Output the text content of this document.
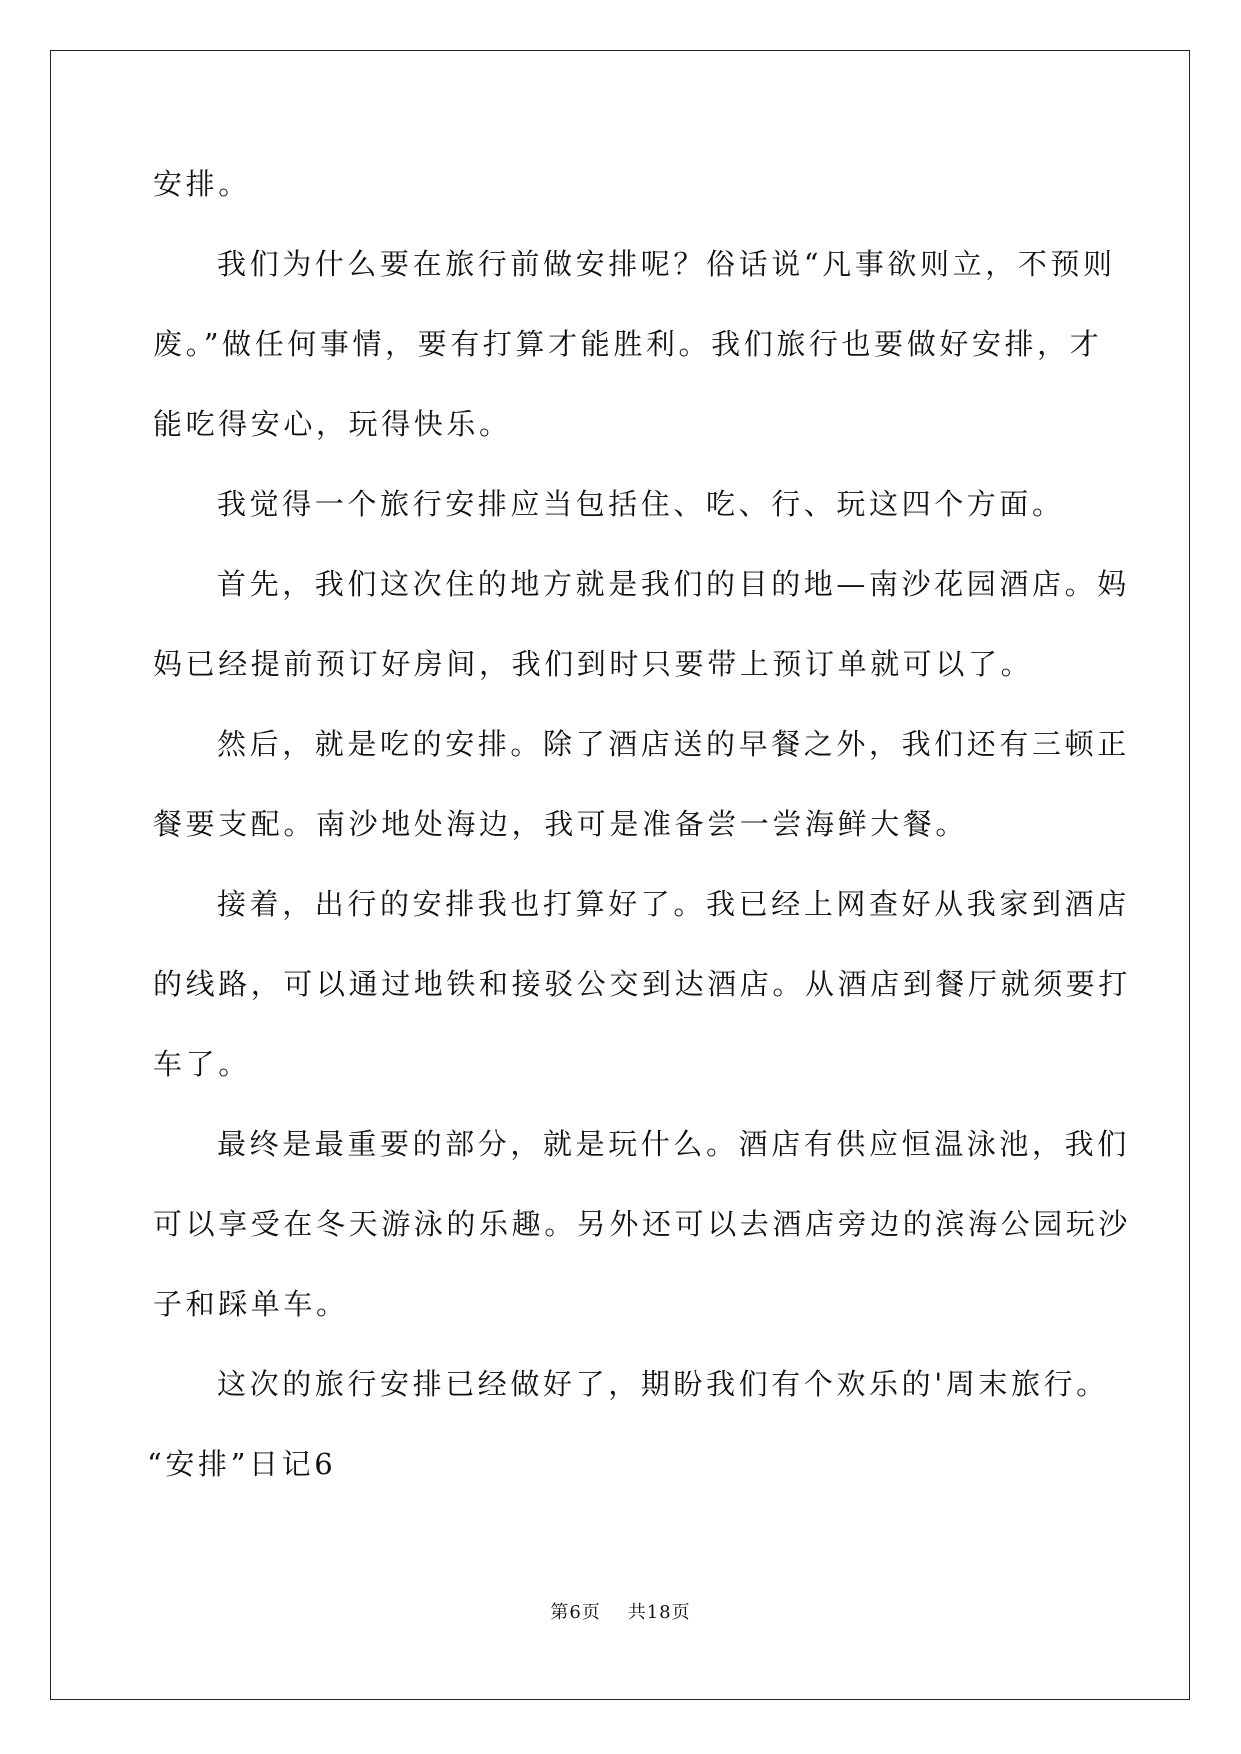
安排。
我们为什么要在旅行前做安排呢？俗话说“凡事欲则立，不预则
废。”做任何事情，要有打算才能胜利。我们旅行也要做好安排，才
能吃得安心，玩得快乐。
我觉得一个旅行安排应当包括住、吃、行、玩这四个方面。
首先，我们这次住的地方就是我们的目的地—南沙花园酒店。妈
妈已经提前预订好房间，我们到时只要带上预订单就可以了。
然后，就是吃的安排。除了酒店送的早餐之外，我们还有三顿正
餐要支配。南沙地处海边，我可是准备尝一尝海鲜大餐。
接着，出行的安排我也打算好了。我已经上网查好从我家到酒店
的线路，可以通过地铁和接驳公交到达酒店。从酒店到餐厅就须要打
车了。
最终是最重要的部分，就是玩什么。酒店有供应恒温泳池，我们
可以享受在冬天游泳的乐趣。另外还可以去酒店旁边的滨海公园玩沙
子和踩单车。
这次的旅行安排已经做好了，期盼我们有个欢乐的'周末旅行。
“安排”日记6
第6页 共18页
